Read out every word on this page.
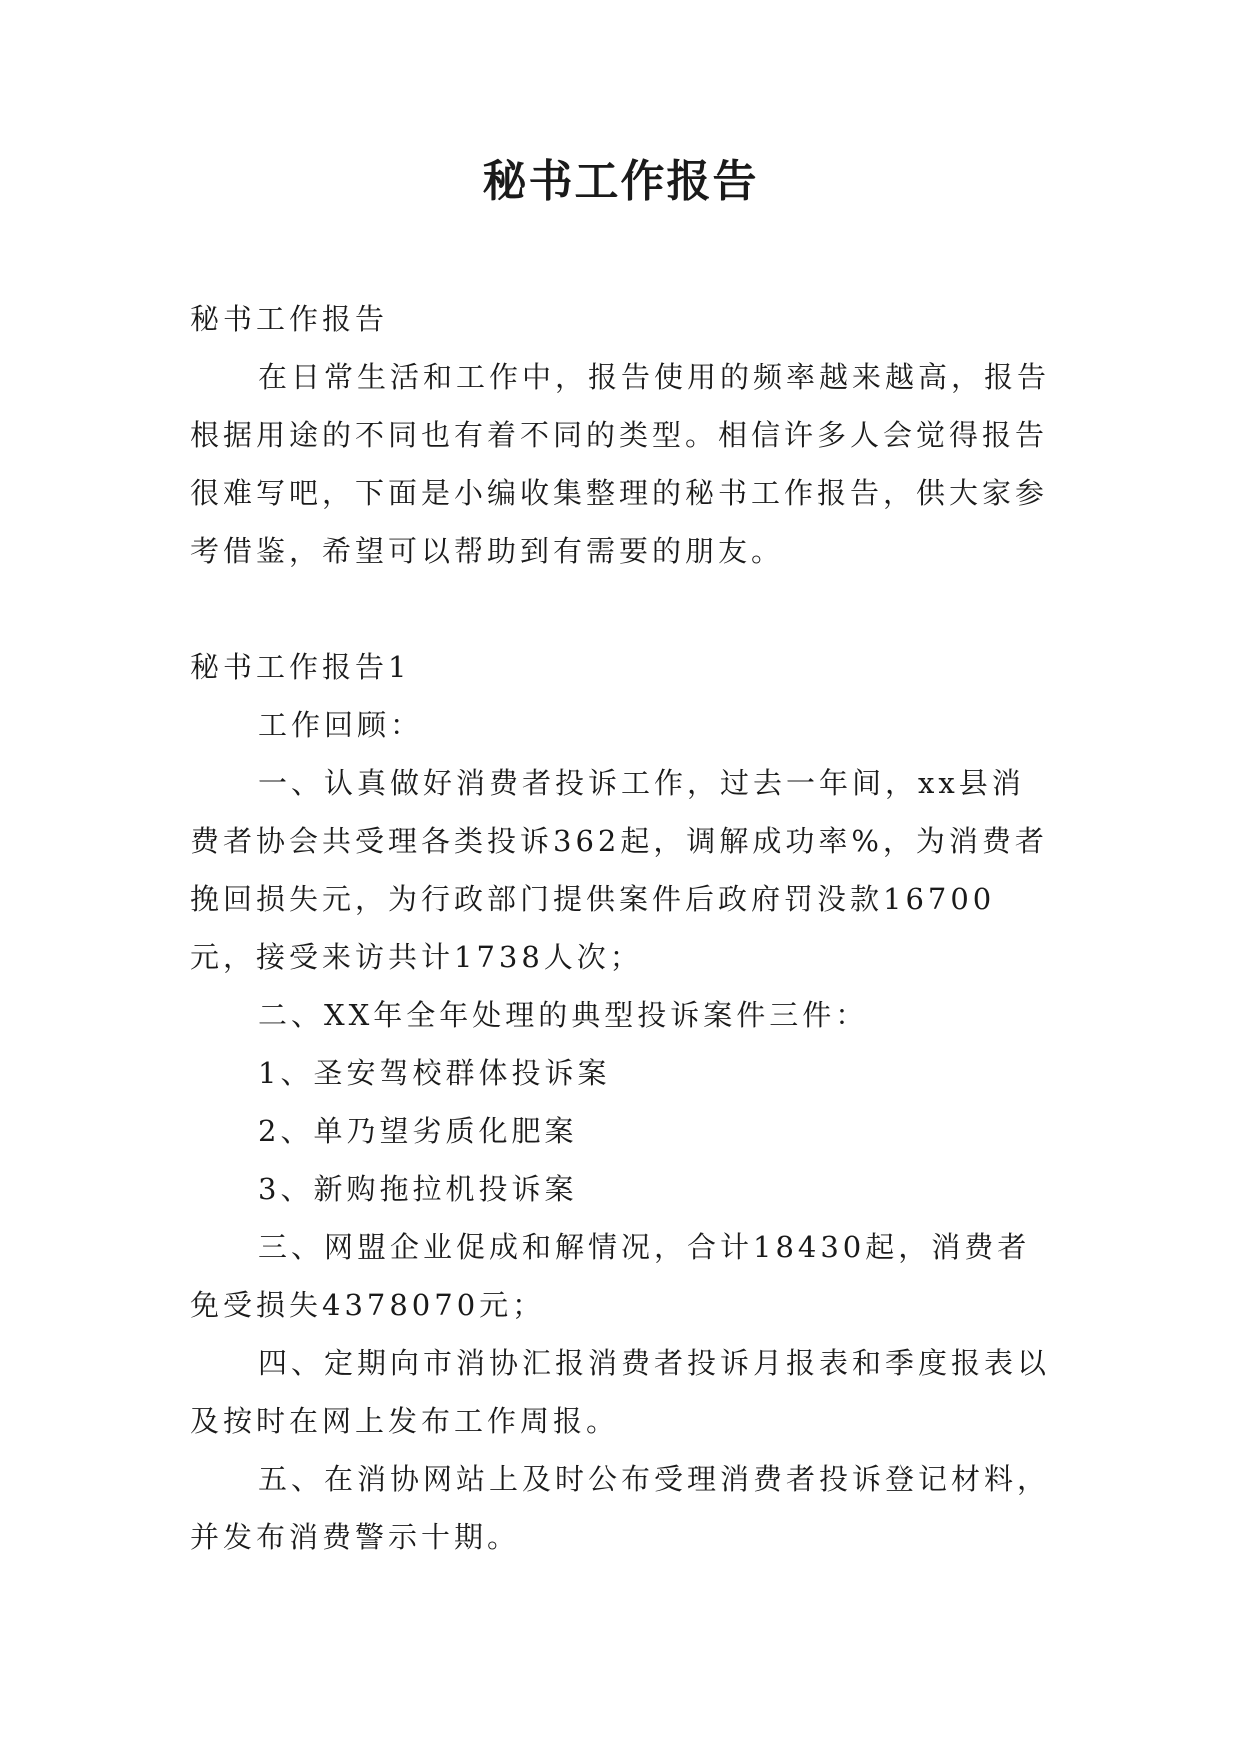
秘书工作报告

秘书工作报告

在日常生活和工作中，报告使用的频率越来越高，报告根据用途的不同也有着不同的类型。相信许多人会觉得报告很难写吧，下面是小编收集整理的秘书工作报告，供大家参考借鉴，希望可以帮助到有需要的朋友。

秘书工作报告1

工作回顾：

一、认真做好消费者投诉工作，过去一年间，xx县消费者协会共受理各类投诉362起，调解成功率%，为消费者挽回损失元，为行政部门提供案件后政府罚没款16700元，接受来访共计1738人次；

二、XX年全年处理的典型投诉案件三件：

1、圣安驾校群体投诉案

2、单乃望劣质化肥案

3、新购拖拉机投诉案

三、网盟企业促成和解情况，合计18430起，消费者免受损失4378070元；

四、定期向市消协汇报消费者投诉月报表和季度报表以及按时在网上发布工作周报。

五、在消协网站上及时公布受理消费者投诉登记材料，并发布消费警示十期。
